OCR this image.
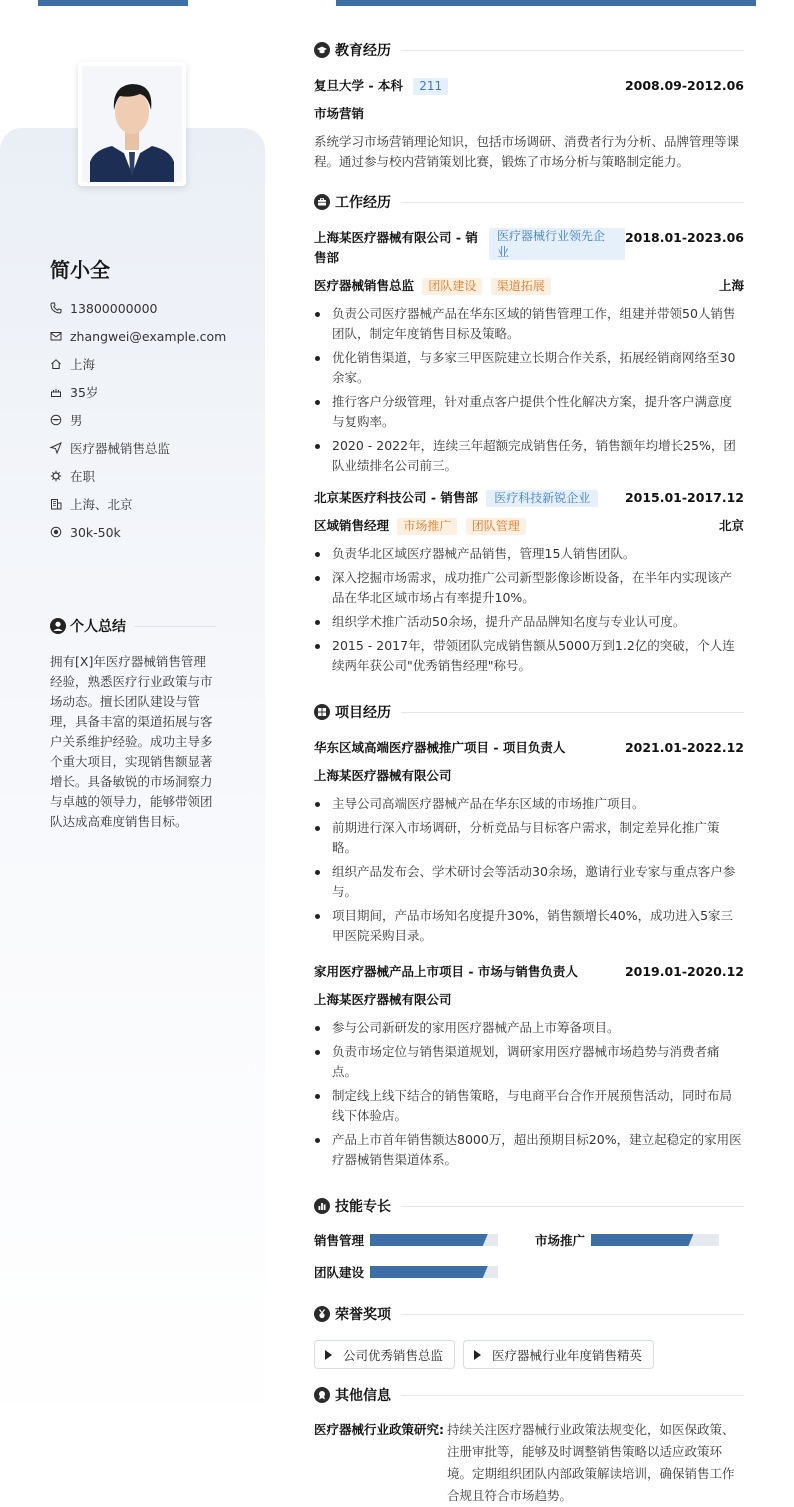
简小全
13800000000
zhangwei@example.com
上海
35岁
男
医疗器械销售总监
在职
上海、北京
30k-50k
个人总结
拥有[X]年医疗器械销售管理经验，熟悉医疗行业政策与市场动态。擅长团队建设与管理，具备丰富的渠道拓展与客户关系维护经验。成功主导多个重大项目，实现销售额显著增长。具备敏锐的市场洞察力与卓越的领导力，能够带领团队达成高难度销售目标。
教育经历
复旦大学 - 本科 211	2008.09-2012.06
市场营销
系统学习市场营销理论知识，包括市场调研、消费者行为分析、品牌管理等课程。通过参与校内营销策划比赛，锻炼了市场分析与策略制定能力。
工作经历
上海某医疗器械有限公司 - 销售部
医疗器械行业领先企业
2018.01-2023.06
医疗器械销售总监 团队建设 渠道拓展	上海
负责公司医疗器械产品在华东区域的销售管理工作，组建并带领50人销售团队，制定年度销售目标及策略。
优化销售渠道，与多家三甲医院建立长期合作关系，拓展经销商网络至30余家。
推行客户分级管理，针对重点客户提供个性化解决方案，提升客户满意度与复购率。
2020 - 2022年，连续三年超额完成销售任务，销售额年均增长25%，团队业绩排名公司前三。
北京某医疗科技公司 - 销售部 医疗科技新锐企业	2015.01-2017.12
区域销售经理 市场推广 团队管理	北京
负责华北区域医疗器械产品销售，管理15人销售团队。
深入挖掘市场需求，成功推广公司新型影像诊断设备，在半年内实现该产品在华北区域市场占有率提升10%。
组织学术推广活动50余场，提升产品品牌知名度与专业认可度。
2015 - 2017年，带领团队完成销售额从5000万到1.2亿的突破，个人连续两年获公司"优秀销售经理"称号。
项目经历
华东区域高端医疗器械推广项目 - 项目负责人	2021.01-2022.12
上海某医疗器械有限公司
主导公司高端医疗器械产品在华东区域的市场推广项目。
前期进行深入市场调研，分析竞品与目标客户需求，制定差异化推广策略。
组织产品发布会、学术研讨会等活动30余场，邀请行业专家与重点客户参与。
项目期间，产品市场知名度提升30%，销售额增长40%，成功进入5家三甲医院采购目录。
家用医疗器械产品上市项目 - 市场与销售负责人	2019.01-2020.12
上海某医疗器械有限公司
参与公司新研发的家用医疗器械产品上市筹备项目。
负责市场定位与销售渠道规划，调研家用医疗器械市场趋势与消费者痛点。
制定线上线下结合的销售策略，与电商平台合作开展预售活动，同时布局线下体验店。
产品上市首年销售额达8000万，超出预期目标20%，建立起稳定的家用医疗器械销售渠道体系。
技能专长
销售管理	市场推广
团队建设
荣誉奖项
公司优秀销售总监	医疗器械行业年度销售精英
其他信息
医疗器械行业政策研究: 持续关注医疗器械行业政策法规变化，如医保政策、注册审批等，能够及时调整销售策略以适应政策环境。定期组织团队内部政策解读培训，确保销售工作合规且符合市场趋势。
